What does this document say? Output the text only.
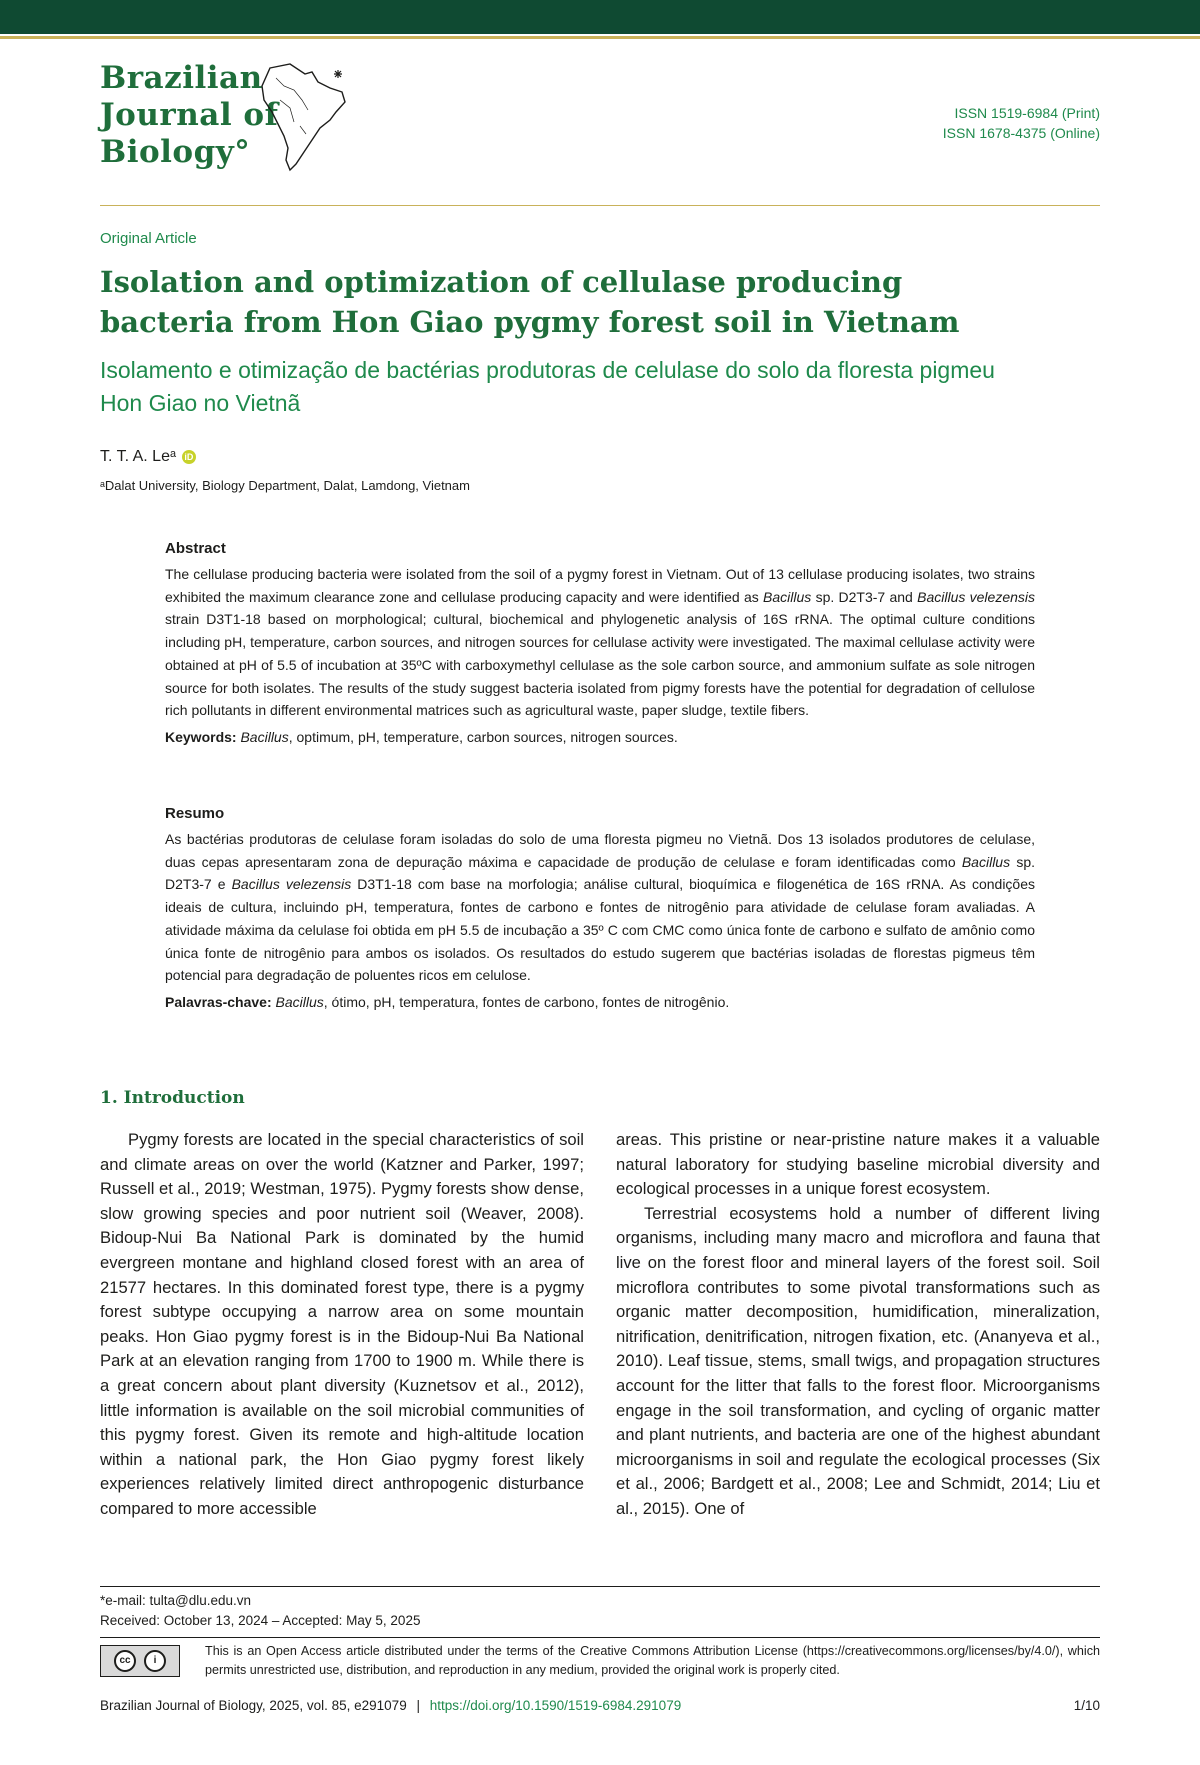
Brazilian
Journal of
Biology°
ISSN 1519-6984 (Print)
ISSN 1678-4375 (Online)
Original Article
Isolation and optimization of cellulase producing bacteria from Hon Giao pygmy forest soil in Vietnam
Isolamento e otimização de bactérias produtoras de celulase do solo da floresta pigmeu Hon Giao no Vietnã
T. T. A. Leᵃ iD
ᵃDalat University, Biology Department, Dalat, Lamdong, Vietnam
Abstract
The cellulase producing bacteria were isolated from the soil of a pygmy forest in Vietnam. Out of 13 cellulase producing isolates, two strains exhibited the maximum clearance zone and cellulase producing capacity and were identified as Bacillus sp. D2T3-7 and Bacillus velezensis strain D3T1-18 based on morphological; cultural, biochemical and phylogenetic analysis of 16S rRNA. The optimal culture conditions including pH, temperature, carbon sources, and nitrogen sources for cellulase activity were investigated. The maximal cellulase activity were obtained at pH of 5.5 of incubation at 35ºC with carboxymethyl cellulase as the sole carbon source, and ammonium sulfate as sole nitrogen source for both isolates. The results of the study suggest bacteria isolated from pigmy forests have the potential for degradation of cellulose rich pollutants in different environmental matrices such as agricultural waste, paper sludge, textile fibers.
Keywords: Bacillus, optimum, pH, temperature, carbon sources, nitrogen sources.
Resumo
As bactérias produtoras de celulase foram isoladas do solo de uma floresta pigmeu no Vietnã. Dos 13 isolados produtores de celulase, duas cepas apresentaram zona de depuração máxima e capacidade de produção de celulase e foram identificadas como Bacillus sp. D2T3-7 e Bacillus velezensis D3T1-18 com base na morfologia; análise cultural, bioquímica e filogenética de 16S rRNA. As condições ideais de cultura, incluindo pH, temperatura, fontes de carbono e fontes de nitrogênio para atividade de celulase foram avaliadas. A atividade máxima da celulase foi obtida em pH 5.5 de incubação a 35º C com CMC como única fonte de carbono e sulfato de amônio como única fonte de nitrogênio para ambos os isolados. Os resultados do estudo sugerem que bactérias isoladas de florestas pigmeus têm potencial para degradação de poluentes ricos em celulose.
Palavras-chave: Bacillus, ótimo, pH, temperatura, fontes de carbono, fontes de nitrogênio.
1. Introduction

Pygmy forests are located in the special characteristics of soil and climate areas on over the world (Katzner and Parker, 1997; Russell et al., 2019; Westman, 1975). Pygmy forests show dense, slow growing species and poor nutrient soil (Weaver, 2008). Bidoup-Nui Ba National Park is dominated by the humid evergreen montane and highland closed forest with an area of 21577 hectares. In this dominated forest type, there is a pygmy forest subtype occupying a narrow area on some mountain peaks. Hon Giao pygmy forest is in the Bidoup-Nui Ba National Park at an elevation ranging from 1700 to 1900 m. While there is a great concern about plant diversity (Kuznetsov et al., 2012), little information is available on the soil microbial communities of this pygmy forest. Given its remote and high-altitude location within a national park, the Hon Giao pygmy forest likely experiences relatively limited direct anthropogenic disturbance compared to more accessible

areas. This pristine or near-pristine nature makes it a valuable natural laboratory for studying baseline microbial diversity and ecological processes in a unique forest ecosystem.

Terrestrial ecosystems hold a number of different living organisms, including many macro and microflora and fauna that live on the forest floor and mineral layers of the forest soil. Soil microflora contributes to some pivotal transformations such as organic matter decomposition, humidification, mineralization, nitrification, denitrification, nitrogen fixation, etc. (Ananyeva et al., 2010). Leaf tissue, stems, small twigs, and propagation structures account for the litter that falls to the forest floor. Microorganisms engage in the soil transformation, and cycling of organic matter and plant nutrients, and bacteria are one of the highest abundant microorganisms in soil and regulate the ecological processes (Six et al., 2006; Bardgett et al., 2008; Lee and Schmidt, 2014; Liu et al., 2015). One of

*e-mail: tulta@dlu.edu.vn
Received: October 13, 2024 – Accepted: May 5, 2025
cc	i
This is an Open Access article distributed under the terms of the Creative Commons Attribution License (https://creativecommons.org/licenses/by/4.0/), which permits unrestricted use, distribution, and reproduction in any medium, provided the original work is properly cited.
Brazilian Journal of Biology, 2025, vol. 85, e291079 | https://doi.org/10.1590/1519-6984.291079	1/10
